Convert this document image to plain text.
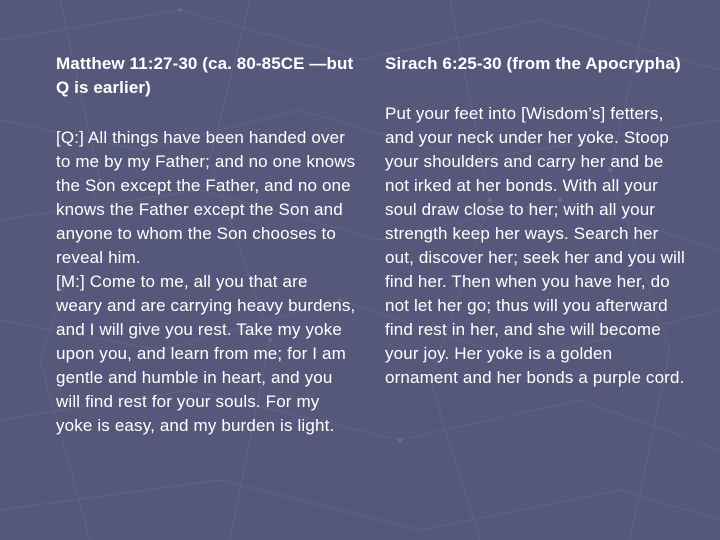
Matthew 11:27-30 (ca. 80-85CE —but Q is earlier)

[Q:] All things have been handed over to me by my Father; and no one knows the Son except the Father, and no one knows the Father except the Son and anyone to whom the Son chooses to reveal him.

[M:] Come to me, all you that are weary and are carrying heavy burdens, and I will give you rest. Take my yoke upon you, and learn from me; for I am gentle and humble in heart, and you will find rest for your souls. For my yoke is easy, and my burden is light.

Sirach 6:25-30 (from the Apocrypha)

Put your feet into [Wisdom’s] fetters, and your neck under her yoke. Stoop your shoulders and carry her and be not irked at her bonds. With all your soul draw close to her; with all your strength keep her ways. Search her out, discover her; seek her and you will find her. Then when you have her, do not let her go; thus will you afterward find rest in her, and she will become your joy. Her yoke is a golden ornament and her bonds a purple cord.
